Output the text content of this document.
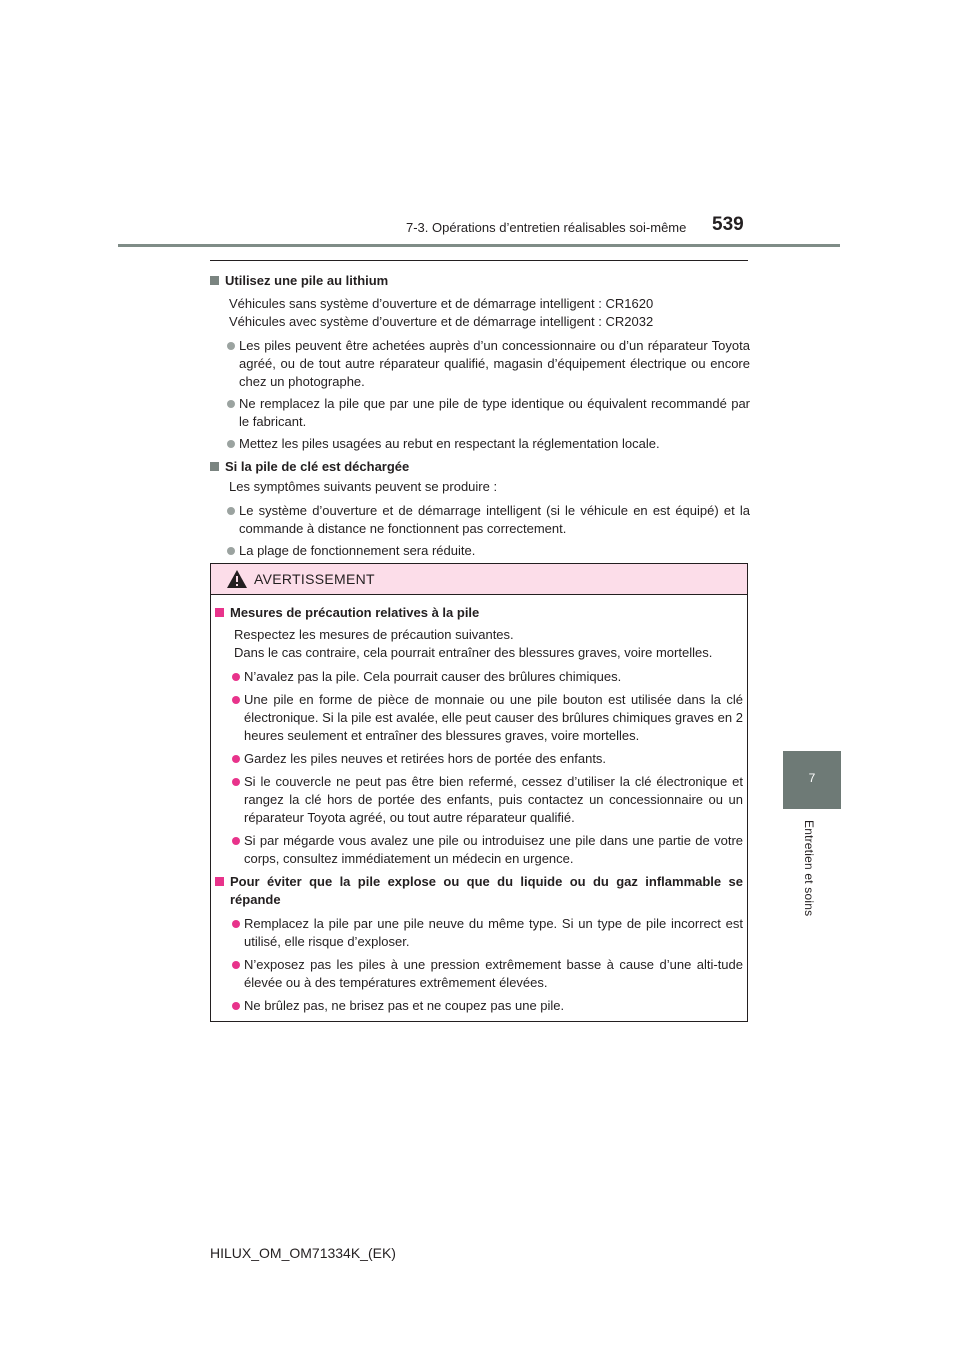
7-3. Opérations d’entretien réalisables soi-même 539
7
Entretien et soins
Utilisez une pile au lithium
Véhicules sans système d’ouverture et de démarrage intelligent : CR1620
Véhicules avec système d’ouverture et de démarrage intelligent : CR2032
Les piles peuvent être achetées auprès d’un concessionnaire ou d’un réparateur Toyota agréé, ou de tout autre réparateur qualifié, magasin d’équipement électrique ou encore chez un photographe.
Ne remplacez la pile que par une pile de type identique ou équivalent recommandé par le fabricant.
Mettez les piles usagées au rebut en respectant la réglementation locale.
Si la pile de clé est déchargée
Les symptômes suivants peuvent se produire :
Le système d’ouverture et de démarrage intelligent (si le véhicule en est équipé) et la commande à distance ne fonctionnent pas correctement.
La plage de fonctionnement sera réduite.
AVERTISSEMENT
Mesures de précaution relatives à la pile
Respectez les mesures de précaution suivantes.
Dans le cas contraire, cela pourrait entraîner des blessures graves, voire mortelles.
N’avalez pas la pile. Cela pourrait causer des brûlures chimiques.
Une pile en forme de pièce de monnaie ou une pile bouton est utilisée dans la clé électronique. Si la pile est avalée, elle peut causer des brûlures chimiques graves en 2 heures seulement et entraîner des blessures graves, voire mortelles.
Gardez les piles neuves et retirées hors de portée des enfants.
Si le couvercle ne peut pas être bien refermé, cessez d’utiliser la clé électronique et rangez la clé hors de portée des enfants, puis contactez un concessionnaire ou un réparateur Toyota agréé, ou tout autre réparateur qualifié.
Si par mégarde vous avalez une pile ou introduisez une pile dans une partie de votre corps, consultez immédiatement un médecin en urgence.
Pour éviter que la pile explose ou que du liquide ou du gaz inflammable se répande
Remplacez la pile par une pile neuve du même type. Si un type de pile incorrect est utilisé, elle risque d’exploser.
N’exposez pas les piles à une pression extrêmement basse à cause d’une alti-tude élevée ou à des températures extrêmement élevées.
Ne brûlez pas, ne brisez pas et ne coupez pas une pile.
HILUX_OM_OM71334K_(EK)
